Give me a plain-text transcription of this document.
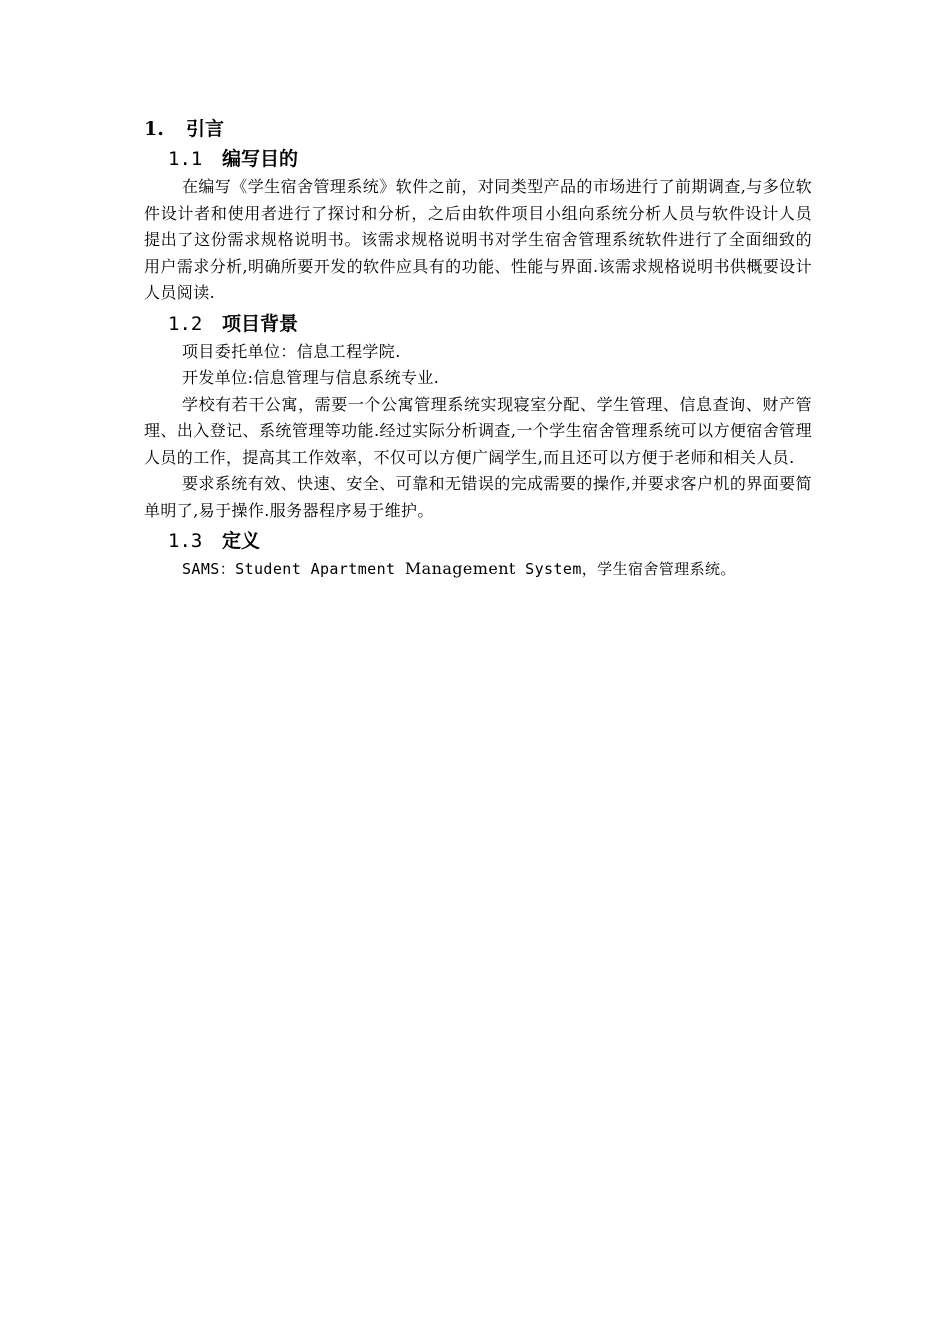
1. 引言
1.1 编写目的

在编写《学生宿舍管理系统》软件之前，对同类型产品的市场进行了前期调查,与多位软件设计者和使用者进行了探讨和分析，之后由软件项目小组向系统分析人员与软件设计人员提出了这份需求规格说明书。该需求规格说明书对学生宿舍管理系统软件进行了全面细致的用户需求分析,明确所要开发的软件应具有的功能、性能与界面.该需求规格说明书供概要设计人员阅读.

1.2 项目背景

项目委托单位：信息工程学院.

开发单位:信息管理与信息系统专业.

学校有若干公寓，需要一个公寓管理系统实现寝室分配、学生管理、信息查询、财产管理、出入登记、系统管理等功能.经过实际分析调查,一个学生宿舍管理系统可以方便宿舍管理人员的工作，提高其工作效率，不仅可以方便广阔学生,而且还可以方便于老师和相关人员.

要求系统有效、快速、安全、可靠和无错误的完成需要的操作,并要求客户机的界面要简单明了,易于操作.服务器程序易于维护。

1.3 定义

SAMS：Student Apartment Management System，学生宿舍管理系统。
